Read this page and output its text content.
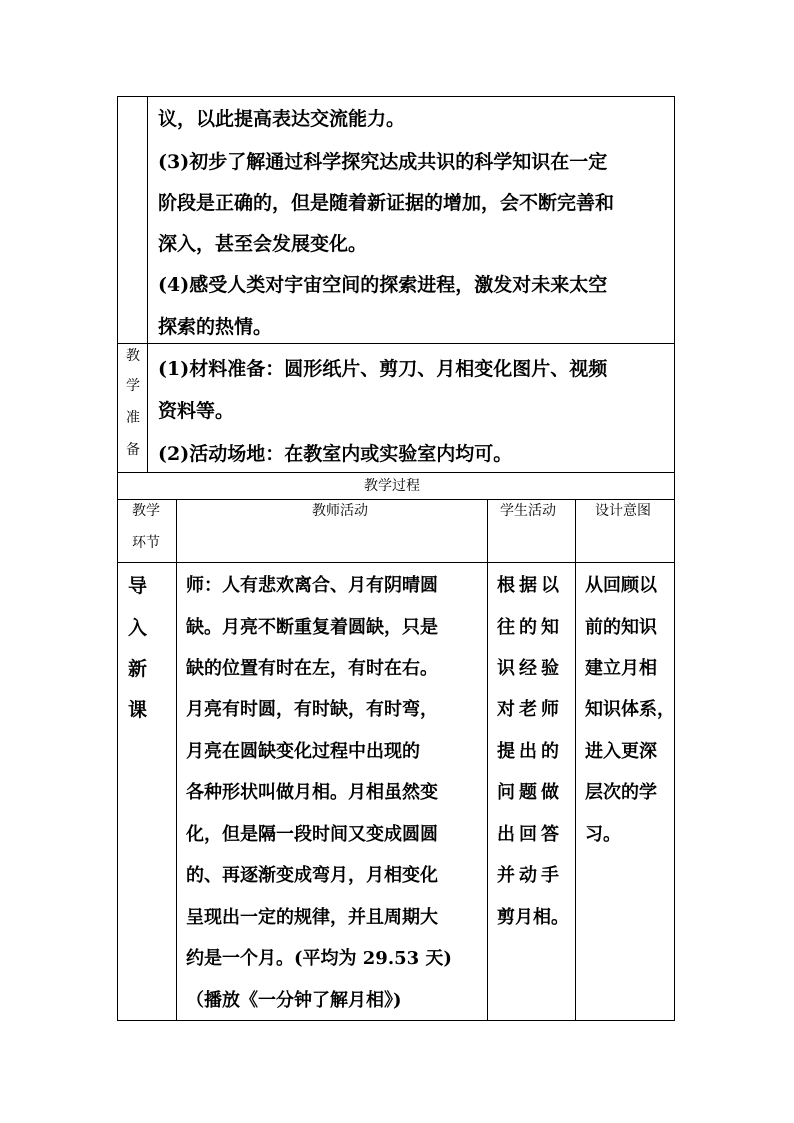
议，以此提高表达交流能力。
(3)初步了解通过科学探究达成共识的科学知识在一定
阶段是正确的，但是随着新证据的增加，会不断完善和
深入，甚至会发展变化。
(4)感受人类对宇宙空间的探索进程，激发对未来太空
探索的热情。
教
学
准
备
(1)材料准备：圆形纸片、剪刀、月相变化图片、视频
资料等。
(2)活动场地：在教室内或实验室内均可。
教学过程
教学
环节
教师活动	学生活动	设计意图
导
入
新
课
师：人有悲欢离合、月有阴晴圆
缺。月亮不断重复着圆缺，只是
缺的位置有时在左，有时在右。
月亮有时圆，有时缺，有时弯，
月亮在圆缺变化过程中出现的
各种形状叫做月相。月相虽然变
化，但是隔一段时间又变成圆圆
的、再逐渐变成弯月，月相变化
呈现出一定的规律，并且周期大
约是一个月。(平均为 29.53 天)
（播放《一分钟了解月相》)
根据以
往的知
识经验
对老师
提出的
问题做
出回答
并动手
剪月相。
从回顾以
前的知识
建立月相
知识体系，
进入更深
层次的学
习。
